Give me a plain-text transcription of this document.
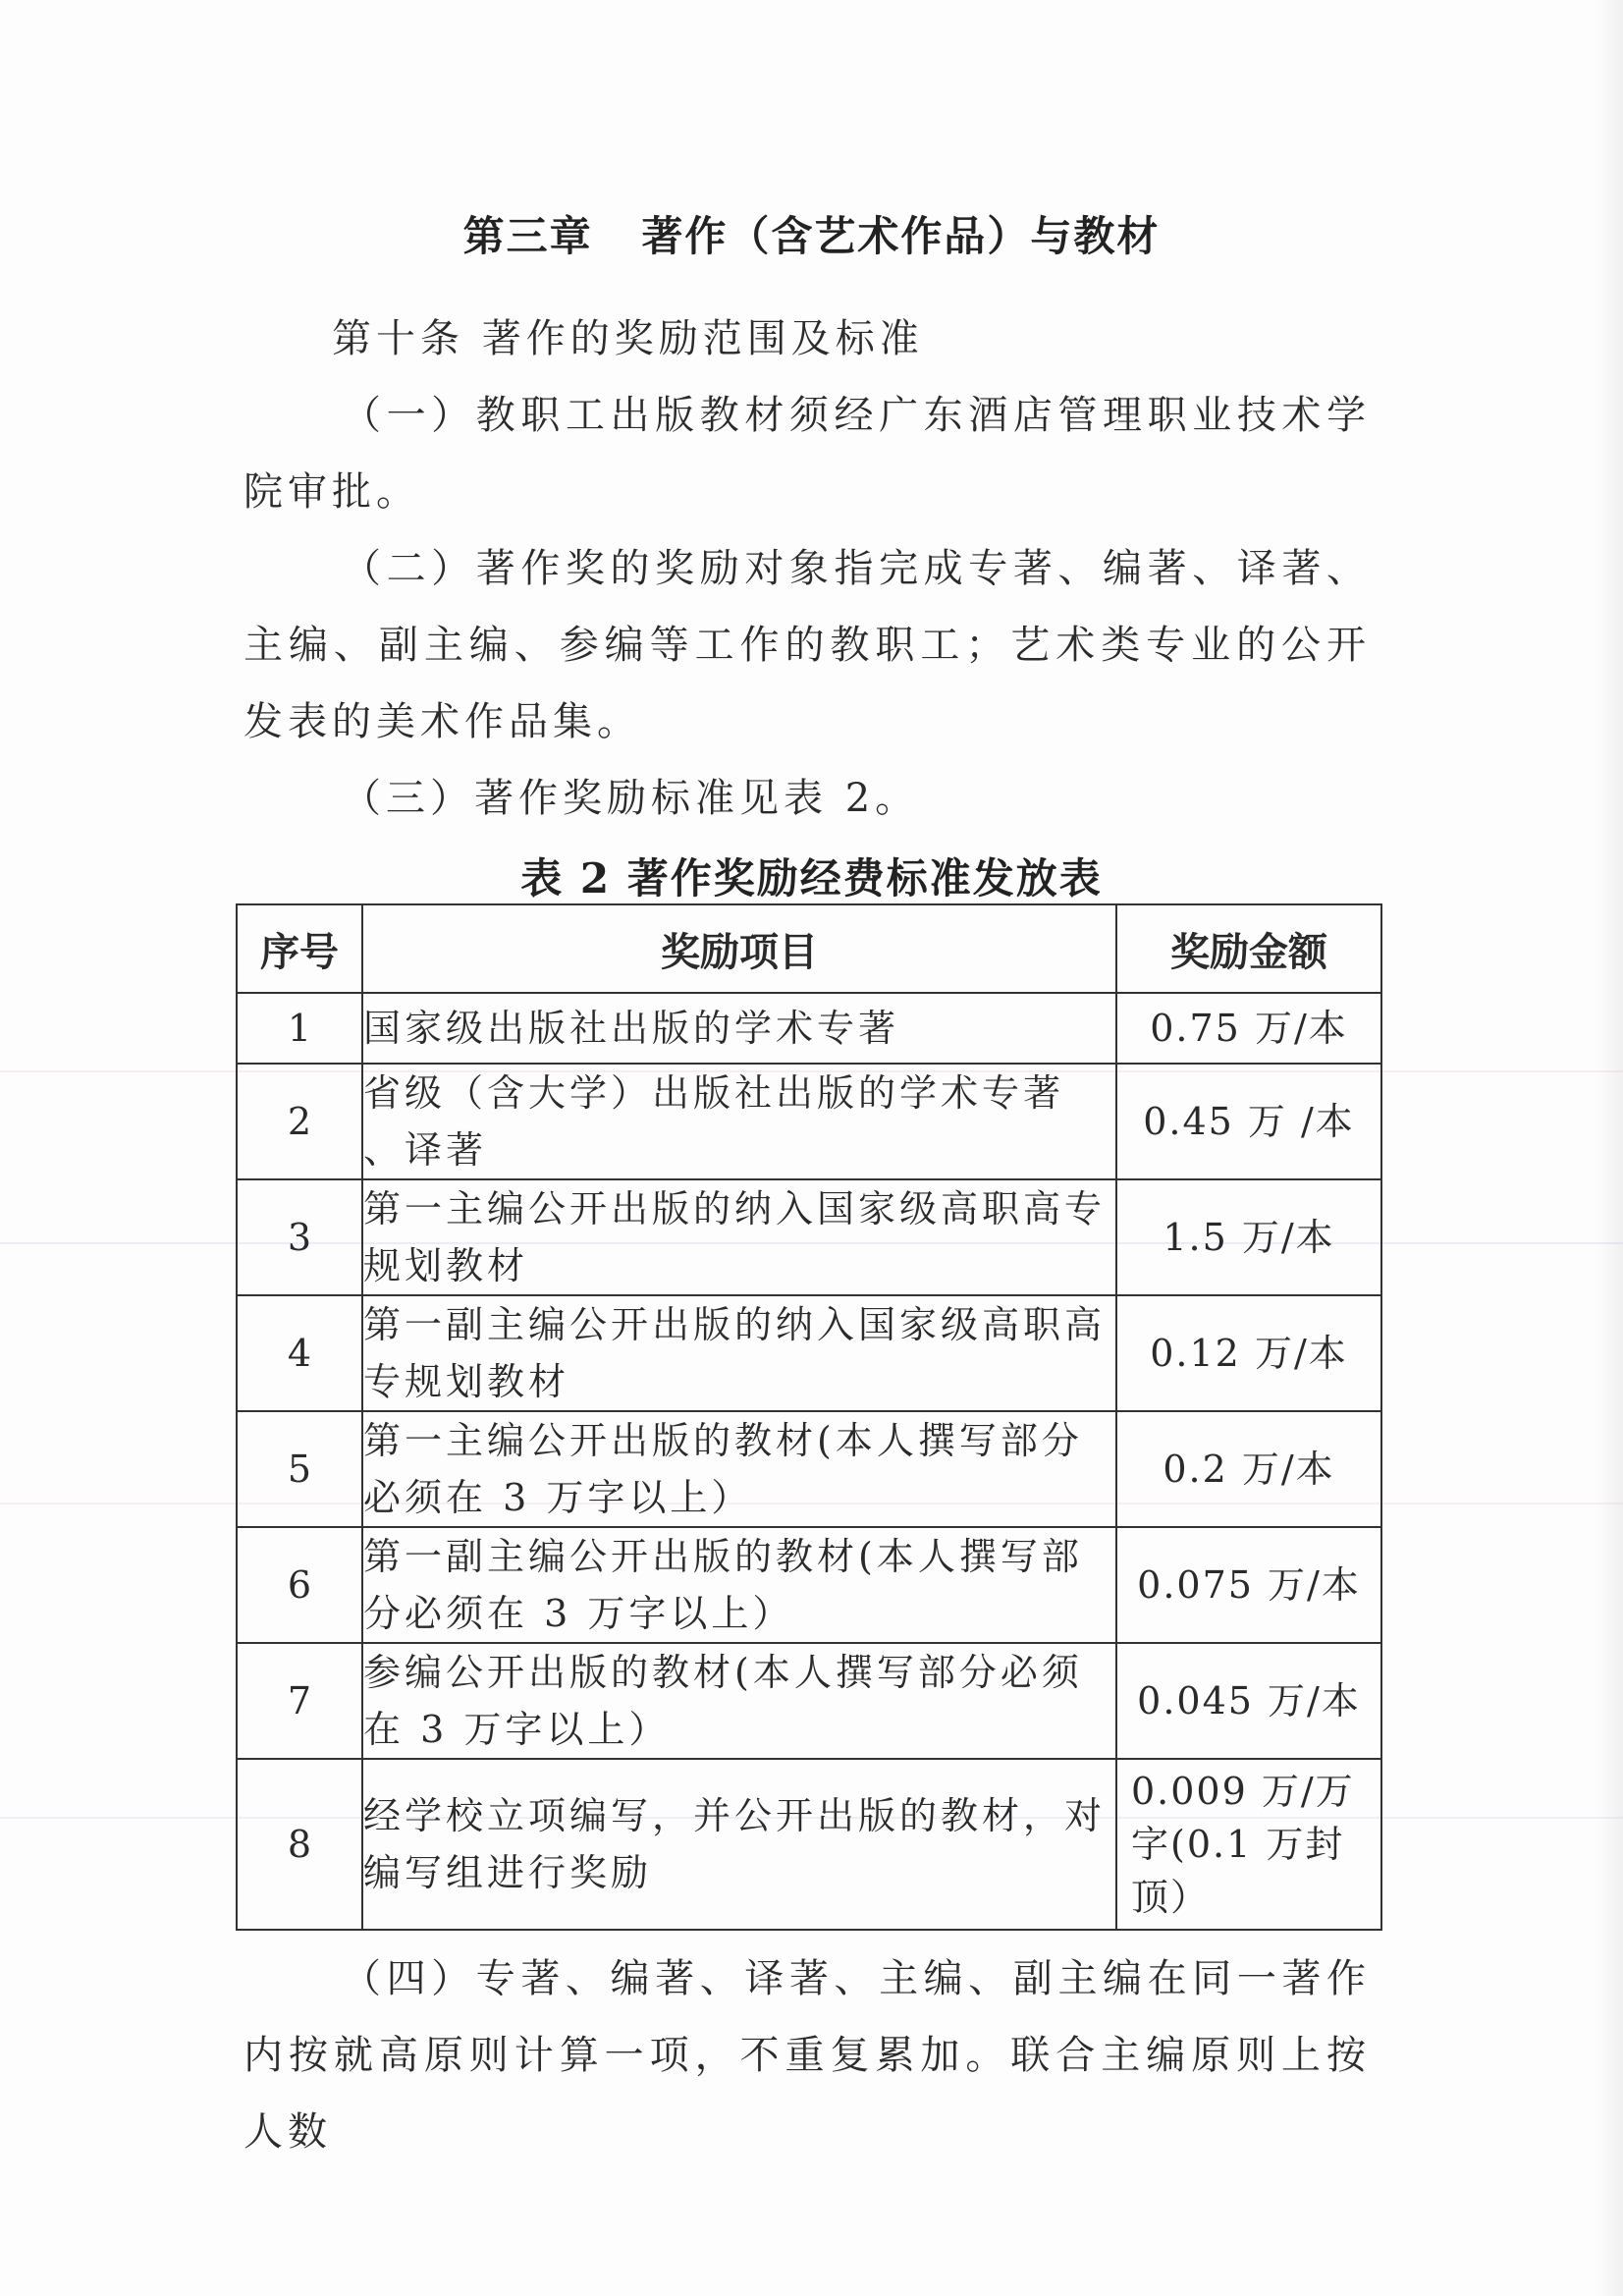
第三章   著作（含艺术作品）与教材
第十条 著作的奖励范围及标准
（一）教职工出版教材须经广东酒店管理职业技术学院审批。
（二）著作奖的奖励对象指完成专著、编著、译著、主编、副主编、参编等工作的教职工；艺术类专业的公开发表的美术作品集。
（三）著作奖励标准见表 2。
表 2 著作奖励经费标准发放表
序号	奖励项目	奖励金额
1	国家级出版社出版的学术专著	0.75 万/本
2	省级（含大学）出版社出版的学术专著 、译著	0.45 万 /本
3	第一主编公开出版的纳入国家级高职高专规划教材	1.5 万/本
4	第一副主编公开出版的纳入国家级高职高专规划教材	0.12 万/本
5	第一主编公开出版的教材(本人撰写部分必须在 3 万字以上）	0.2 万/本
6	第一副主编公开出版的教材(本人撰写部分必须在 3 万字以上）	0.075 万/本
7	参编公开出版的教材(本人撰写部分必须在 3 万字以上）	0.045 万/本
8	经学校立项编写，并公开出版的教材，对编写组进行奖励	0.009 万/万字(0.1 万封顶）
（四）专著、编著、译著、主编、副主编在同一著作内按就高原则计算一项，不重复累加。联合主编原则上按人数
